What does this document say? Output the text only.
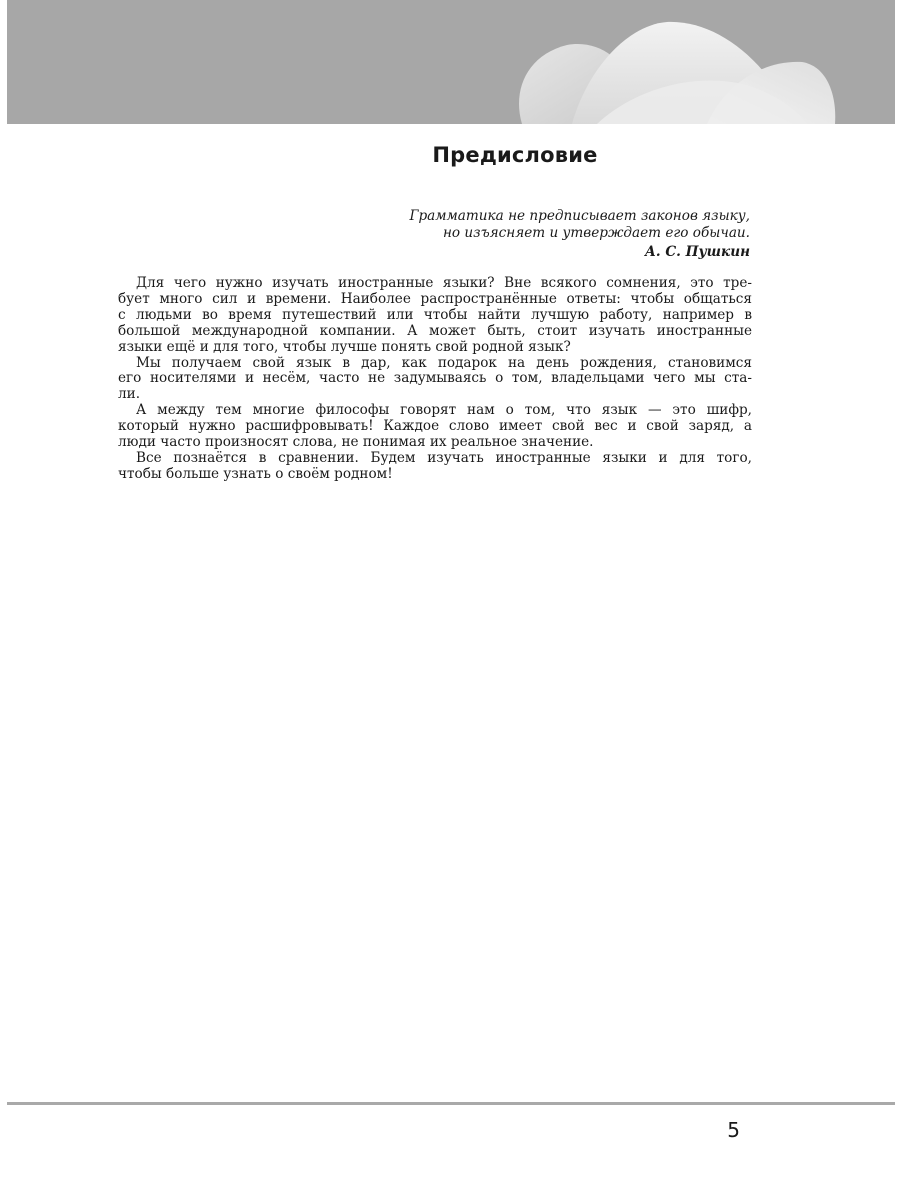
Предисловие
Грамматика не предписывает законов языку,
но изъясняет и утверждает его обычаи.
А. С. Пушкин

Для чего нужно изучать иностранные языки? Вне всякого сомнения, это тре-
бует много сил и времени. Наиболее распространённые ответы: чтобы общаться
с людьми во время путешествий или чтобы найти лучшую работу, например в
большой международной компании. А может быть, стоит изучать иностранные
языки ещё и для того, чтобы лучше понять свой родной язык?

Мы получаем свой язык в дар, как подарок на день рождения, становимся
его носителями и несём, часто не задумываясь о том, владельцами чего мы ста-
ли.

А между тем многие философы говорят нам о том, что язык — это шифр,
который нужно расшифровывать! Каждое слово имеет свой вес и свой заряд, а
люди часто произносят слова, не понимая их реальное значение.

Все познаётся в сравнении. Будем изучать иностранные языки и для того,
чтобы больше узнать о своём родном!

5
